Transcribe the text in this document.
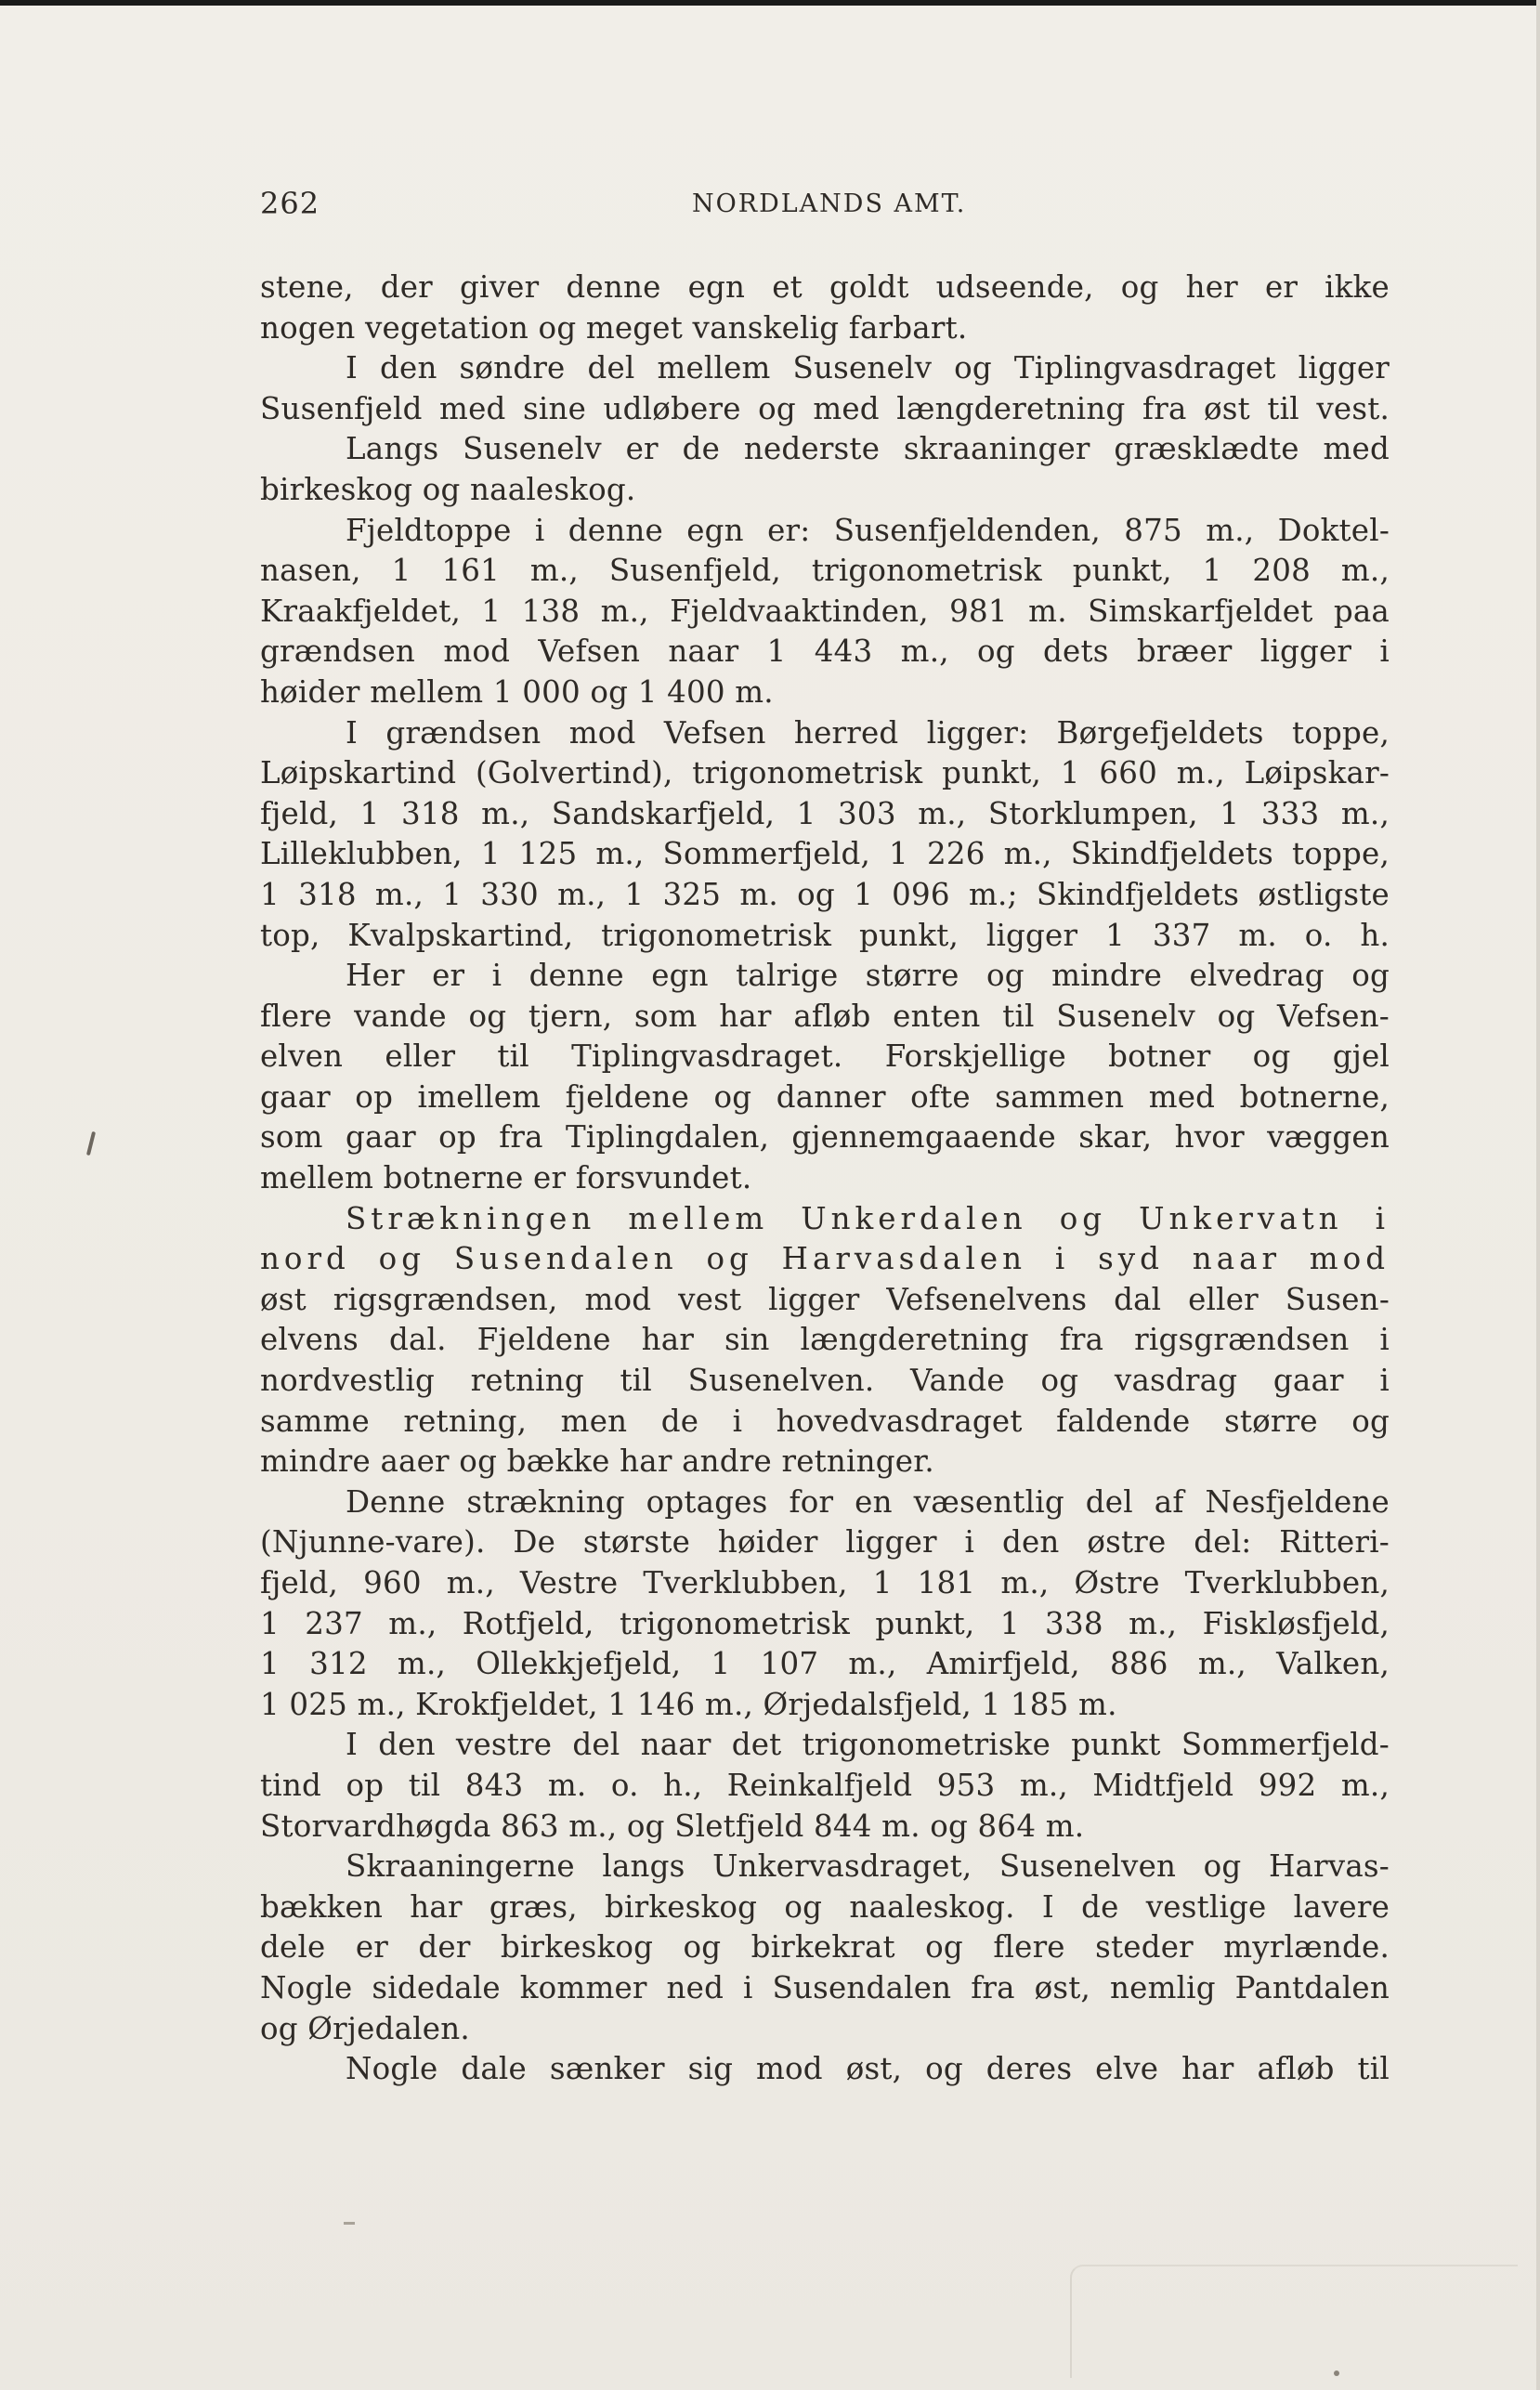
262	NORDLANDS AMT.
stene, der giver denne egn et goldt udseende, og her er ikke
nogen vegetation og meget vanskelig farbart.
I den søndre del mellem Susenelv og Tiplingvasdraget ligger
Susenfjeld med sine udløbere og med længderetning fra øst til vest.
Langs Susenelv er de nederste skraaninger græsklædte med
birkeskog og naaleskog.
Fjeldtoppe i denne egn er: Susenfjeldenden, 875 m., Doktel-
nasen, 1 161 m., Susenfjeld, trigonometrisk punkt, 1 208 m.,
Kraakfjeldet, 1 138 m., Fjeldvaaktinden, 981 m. Simskarfjeldet paa
grændsen mod Vefsen naar 1 443 m., og dets bræer ligger i
høider mellem 1 000 og 1 400 m.
I grændsen mod Vefsen herred ligger: Børgefjeldets toppe,
Løipskartind (Golvertind), trigonometrisk punkt, 1 660 m., Løipskar-
fjeld, 1 318 m., Sandskarfjeld, 1 303 m., Storklumpen, 1 333 m.,
Lilleklubben, 1 125 m., Sommerfjeld, 1 226 m., Skindfjeldets toppe,
1 318 m., 1 330 m., 1 325 m. og 1 096 m.; Skindfjeldets østligste
top, Kvalpskartind, trigonometrisk punkt, ligger 1 337 m. o. h.
Her er i denne egn talrige større og mindre elvedrag og
flere vande og tjern, som har afløb enten til Susenelv og Vefsen-
elven eller til Tiplingvasdraget. Forskjellige botner og gjel
gaar op imellem fjeldene og danner ofte sammen med botnerne,
som gaar op fra Tiplingdalen, gjennemgaaende skar, hvor væggen
mellem botnerne er forsvundet.
Strækningen mellem Unkerdalen og Unkervatn i
nord og Susendalen og Harvasdalen i syd naar mod
øst rigsgrændsen, mod vest ligger Vefsenelvens dal eller Susen-
elvens dal. Fjeldene har sin længderetning fra rigsgrændsen i
nordvestlig retning til Susenelven. Vande og vasdrag gaar i
samme retning, men de i hovedvasdraget faldende større og
mindre aaer og bække har andre retninger.
Denne strækning optages for en væsentlig del af Nesfjeldene
(Njunne-vare). De største høider ligger i den østre del: Ritteri-
fjeld, 960 m., Vestre Tverklubben, 1 181 m., Østre Tverklubben,
1 237 m., Rotfjeld, trigonometrisk punkt, 1 338 m., Fiskløsfjeld,
1 312 m., Ollekkjefjeld, 1 107 m., Amirfjeld, 886 m., Valken,
1 025 m., Krokfjeldet, 1 146 m., Ørjedalsfjeld, 1 185 m.
I den vestre del naar det trigonometriske punkt Sommerfjeld-
tind op til 843 m. o. h., Reinkalfjeld 953 m., Midtfjeld 992 m.,
Storvardhøgda 863 m., og Sletfjeld 844 m. og 864 m.
Skraaningerne langs Unkervasdraget, Susenelven og Harvas-
bækken har græs, birkeskog og naaleskog. I de vestlige lavere
dele er der birkeskog og birkekrat og flere steder myrlænde.
Nogle sidedale kommer ned i Susendalen fra øst, nemlig Pantdalen
og Ørjedalen.
Nogle dale sænker sig mod øst, og deres elve har afløb til
